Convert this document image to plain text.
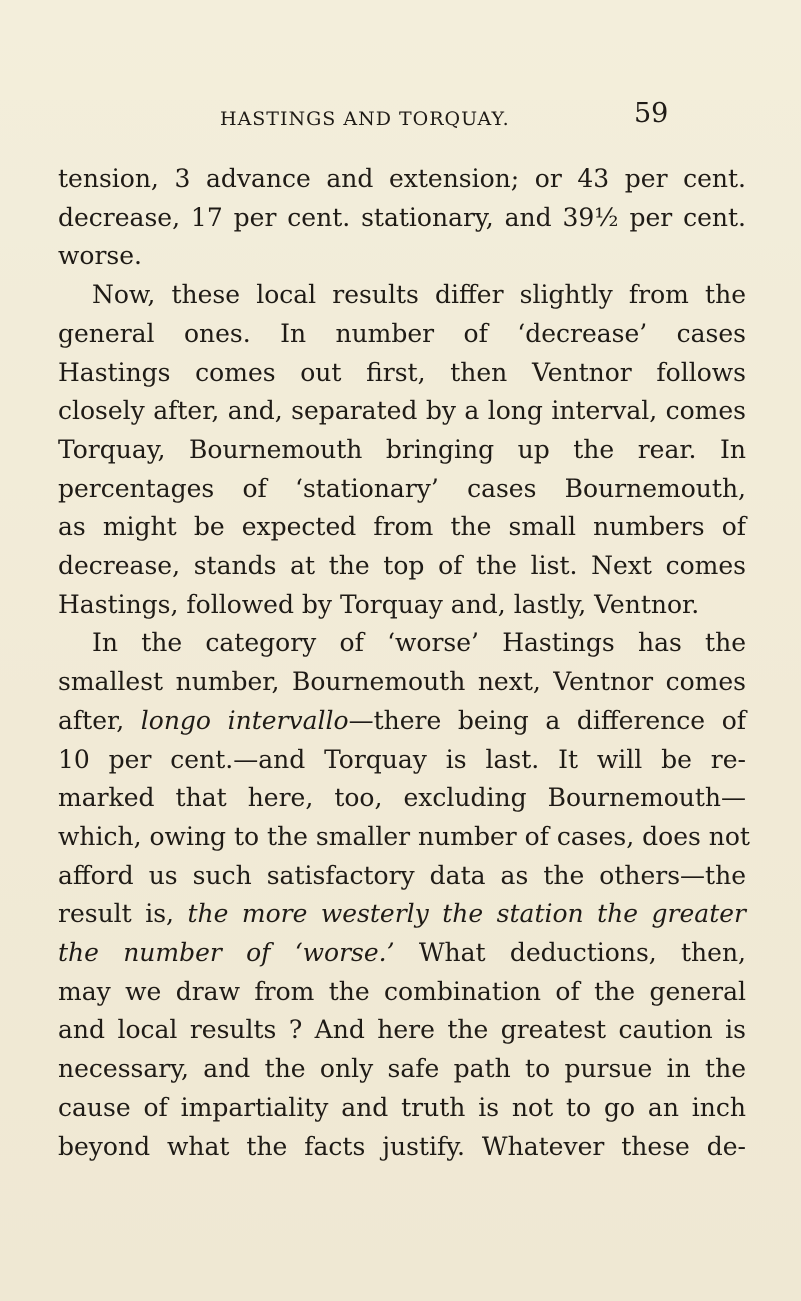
HASTINGS AND TORQUAY.	59
tension, 3 advance and extension; or 43 per cent.
decrease, 17 per cent. stationary, and 39½ per cent.
worse.
Now, these local results differ slightly from the
general ones. In number of ‘decrease’ cases
Hastings comes out first, then Ventnor follows
closely after, and, separated by a long interval, comes
Torquay, Bournemouth bringing up the rear. In
percentages of ‘stationary’ cases Bournemouth,
as might be expected from the small numbers of
decrease, stands at the top of the list. Next comes
Hastings, followed by Torquay and, lastly, Ventnor.
In the category of ‘worse’ Hastings has the
smallest number, Bournemouth next, Ventnor comes
after, longo intervallo—there being a difference of
10 per cent.—and Torquay is last. It will be re-
marked that here, too, excluding Bournemouth—
which, owing to the smaller number of cases, does not
afford us such satisfactory data as the others—the
result is, the more westerly the station the greater
the number of ‘worse.’ What deductions, then,
may we draw from the combination of the general
and local results ? And here the greatest caution is
necessary, and the only safe path to pursue in the
cause of impartiality and truth is not to go an inch
beyond what the facts justify. Whatever these de-
